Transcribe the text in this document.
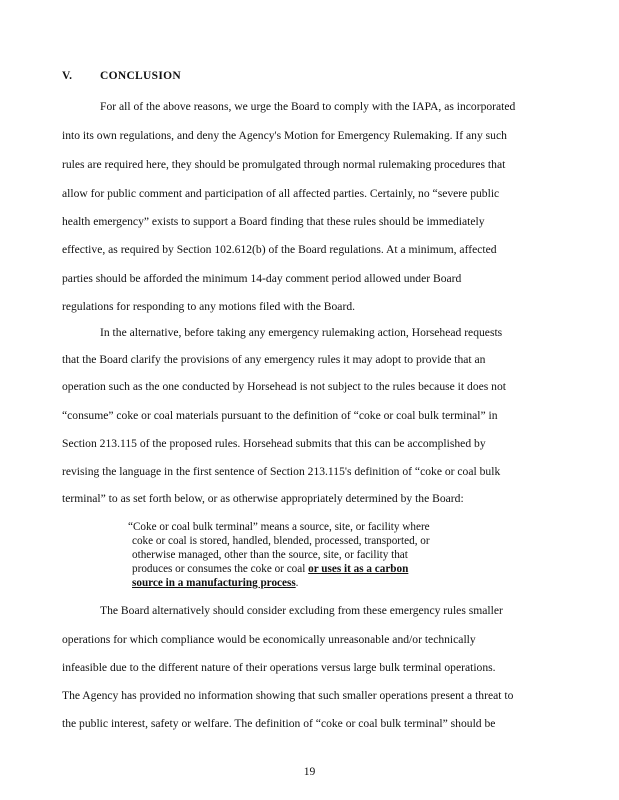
V. CONCLUSION
For all of the above reasons, we urge the Board to comply with the IAPA, as incorporated
into its own regulations, and deny the Agency's Motion for Emergency Rulemaking. If any such
rules are required here, they should be promulgated through normal rulemaking procedures that
allow for public comment and participation of all affected parties. Certainly, no “severe public
health emergency” exists to support a Board finding that these rules should be immediately
effective, as required by Section 102.612(b) of the Board regulations. At a minimum, affected
parties should be afforded the minimum 14-day comment period allowed under Board
regulations for responding to any motions filed with the Board.
In the alternative, before taking any emergency rulemaking action, Horsehead requests
that the Board clarify the provisions of any emergency rules it may adopt to provide that an
operation such as the one conducted by Horsehead is not subject to the rules because it does not
“consume” coke or coal materials pursuant to the definition of “coke or coal bulk terminal” in
Section 213.115 of the proposed rules. Horsehead submits that this can be accomplished by
revising the language in the first sentence of Section 213.115's definition of “coke or coal bulk
terminal” to as set forth below, or as otherwise appropriately determined by the Board:
“Coke or coal bulk terminal” means a source, site, or facility where
coke or coal is stored, handled, blended, processed, transported, or
otherwise managed, other than the source, site, or facility that
produces or consumes the coke or coal or uses it as a carbon
source in a manufacturing process.
The Board alternatively should consider excluding from these emergency rules smaller
operations for which compliance would be economically unreasonable and/or technically
infeasible due to the different nature of their operations versus large bulk terminal operations.
The Agency has provided no information showing that such smaller operations present a threat to
the public interest, safety or welfare. The definition of “coke or coal bulk terminal” should be
19
